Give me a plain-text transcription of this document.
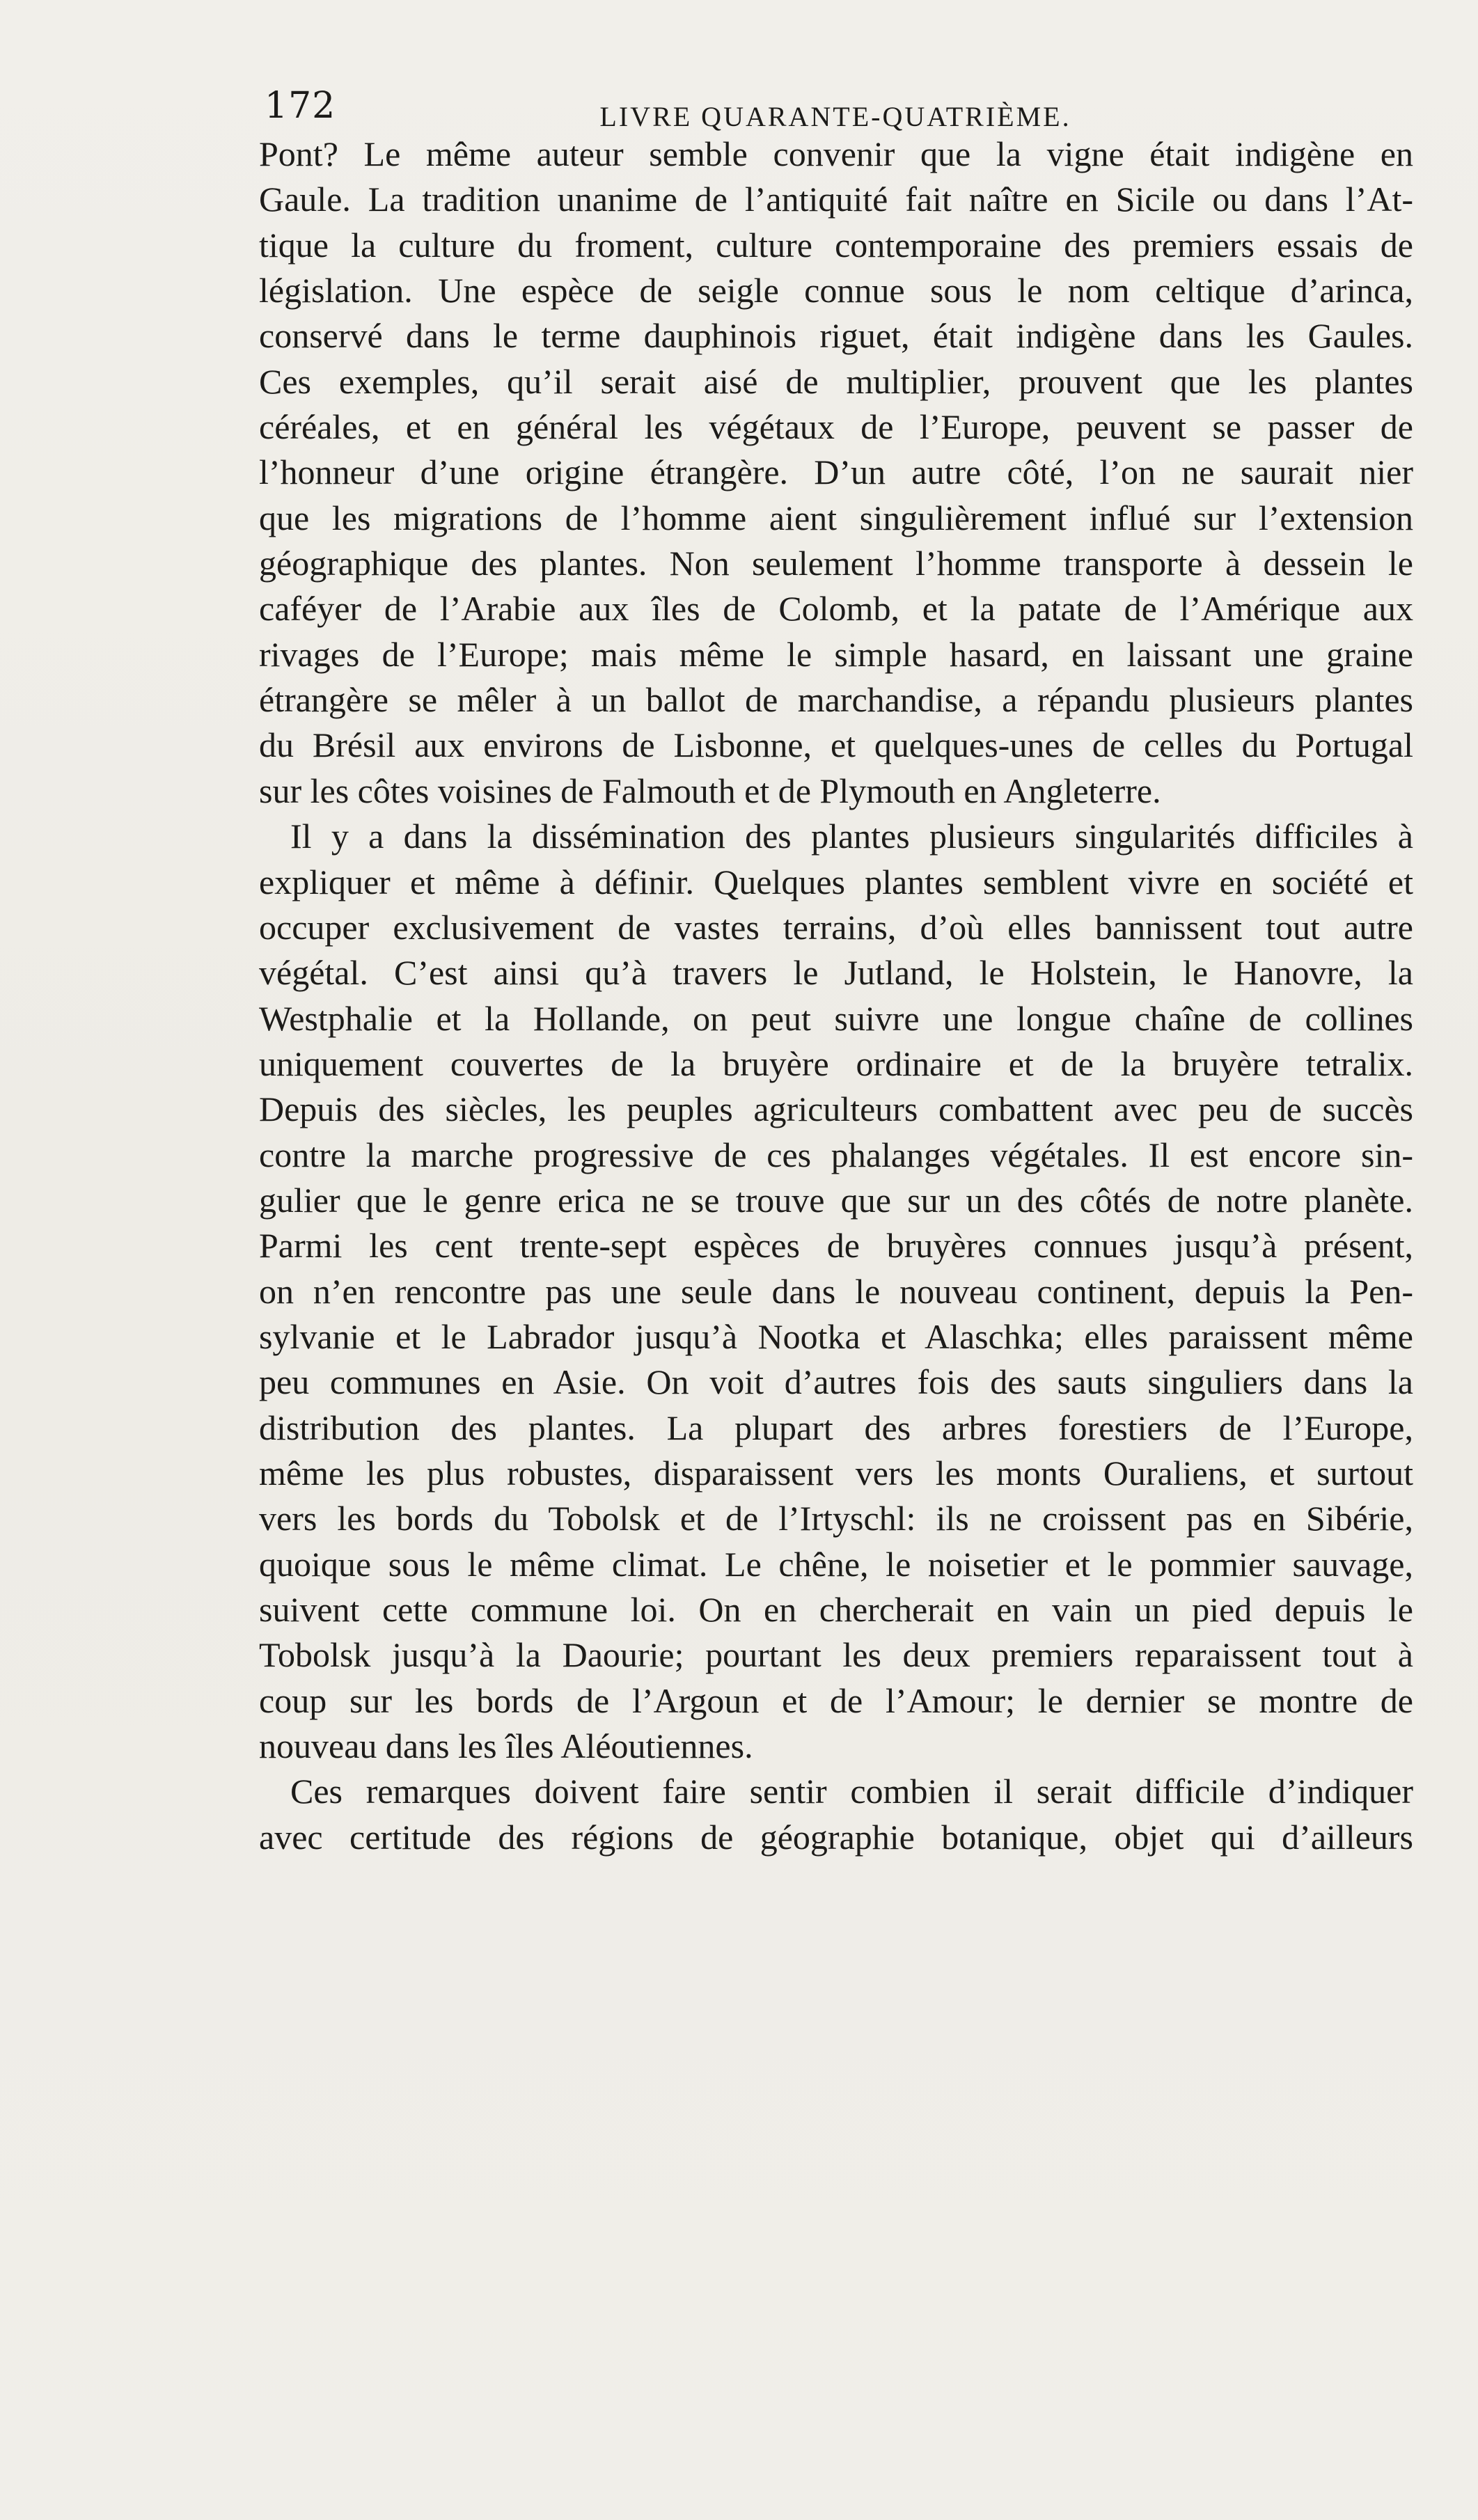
172	LIVRE QUARANTE-QUATRIÈME.
Pont? Le même auteur semble convenir que la vigne était indigène en
Gaule. La tradition unanime de l’antiquité fait naître en Sicile ou dans l’At-
tique la culture du froment, culture contemporaine des premiers essais de
législation. Une espèce de seigle connue sous le nom celtique d’arinca,
conservé dans le terme dauphinois riguet, était indigène dans les Gaules.
Ces exemples, qu’il serait aisé de multiplier, prouvent que les plantes
céréales, et en général les végétaux de l’Europe, peuvent se passer de
l’honneur d’une origine étrangère. D’un autre côté, l’on ne saurait nier
que les migrations de l’homme aient singulièrement influé sur l’extension
géographique des plantes. Non seulement l’homme transporte à dessein le
caféyer de l’Arabie aux îles de Colomb, et la patate de l’Amérique aux
rivages de l’Europe; mais même le simple hasard, en laissant une graine
étrangère se mêler à un ballot de marchandise, a répandu plusieurs plantes
du Brésil aux environs de Lisbonne, et quelques-unes de celles du Portugal
sur les côtes voisines de Falmouth et de Plymouth en Angleterre.
Il y a dans la dissémination des plantes plusieurs singularités difficiles à
expliquer et même à définir. Quelques plantes semblent vivre en société et
occuper exclusivement de vastes terrains, d’où elles bannissent tout autre
végétal. C’est ainsi qu’à travers le Jutland, le Holstein, le Hanovre, la
Westphalie et la Hollande, on peut suivre une longue chaîne de collines
uniquement couvertes de la bruyère ordinaire et de la bruyère tetralix.
Depuis des siècles, les peuples agriculteurs combattent avec peu de succès
contre la marche progressive de ces phalanges végétales. Il est encore sin-
gulier que le genre erica ne se trouve que sur un des côtés de notre planète.
Parmi les cent trente-sept espèces de bruyères connues jusqu’à présent,
on n’en rencontre pas une seule dans le nouveau continent, depuis la Pen-
sylvanie et le Labrador jusqu’à Nootka et Alaschka; elles paraissent même
peu communes en Asie. On voit d’autres fois des sauts singuliers dans la
distribution des plantes. La plupart des arbres forestiers de l’Europe,
même les plus robustes, disparaissent vers les monts Ouraliens, et surtout
vers les bords du Tobolsk et de l’Irtyschl: ils ne croissent pas en Sibérie,
quoique sous le même climat. Le chêne, le noisetier et le pommier sauvage,
suivent cette commune loi. On en chercherait en vain un pied depuis le
Tobolsk jusqu’à la Daourie; pourtant les deux premiers reparaissent tout à
coup sur les bords de l’Argoun et de l’Amour; le dernier se montre de
nouveau dans les îles Aléoutiennes.
Ces remarques doivent faire sentir combien il serait difficile d’indiquer
avec certitude des régions de géographie botanique, objet qui d’ailleurs
